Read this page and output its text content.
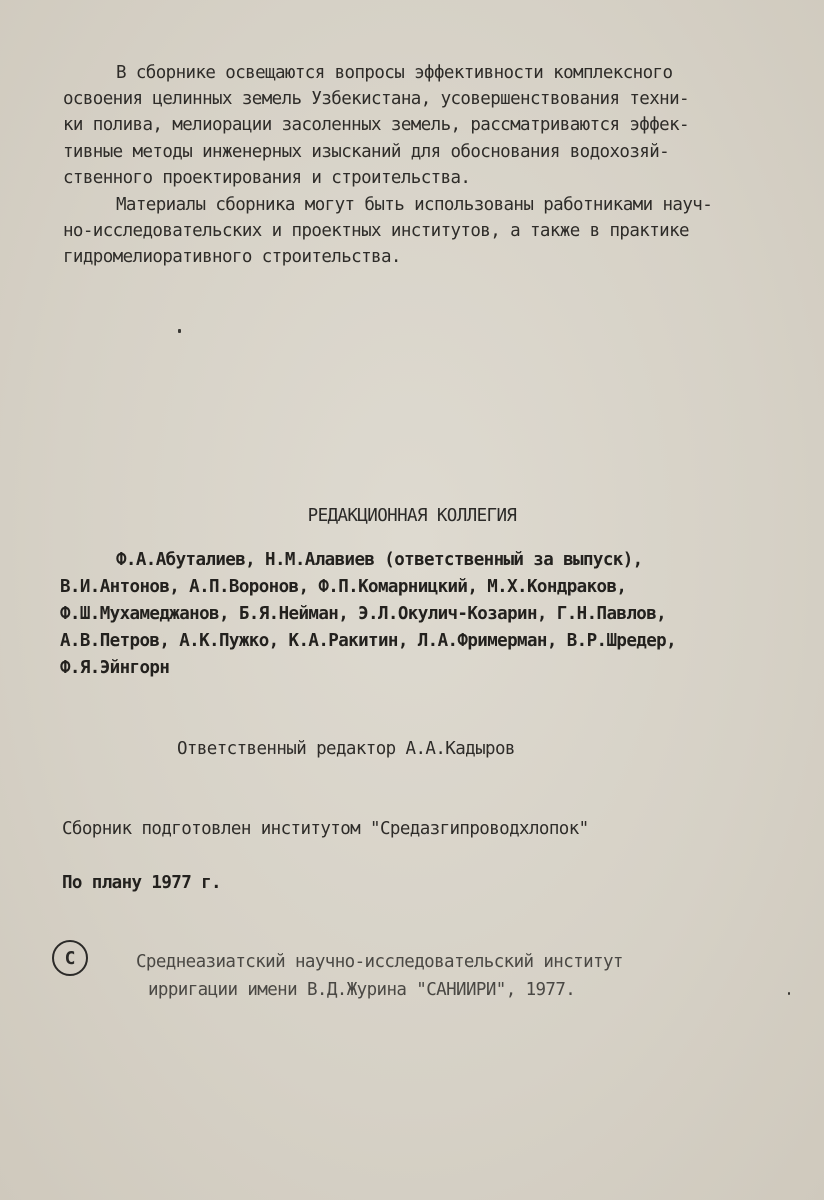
В сборнике освещаются вопросы эффективности комплексного
освоения целинных земель Узбекистана, усовершенствования техни-
ки полива, мелиорации засоленных земель, рассматриваются эффек-
тивные методы инженерных изысканий для обоснования водохозяй-
ственного проектирования и строительства.
Материалы сборника могут быть использованы работниками науч-
но-исследовательских и проектных институтов, а также в практике
гидромелиоративного строительства.
РЕДАКЦИОННАЯ КОЛЛЕГИЯ
Ф.А.Абуталиев, Н.М.Алавиев (ответственный за выпуск),
В.И.Антонов, А.П.Воронов, Ф.П.Комарницкий, М.Х.Кондраков,
Ф.Ш.Мухамеджанов, Б.Я.Нейман, Э.Л.Окулич-Козарин, Г.Н.Павлов,
А.В.Петров, А.К.Пужко, К.А.Ракитин, Л.А.Фримерман, В.Р.Шредер,
Ф.Я.Эйнгорн
Ответственный редактор А.А.Кадыров
Сборник подготовлен институтом "Средазгипроводхлопок"
По плану 1977 г.
С	Среднеазиатский научно-исследовательский институт
ирригации имени В.Д.Журина "САНИИРИ", 1977.
